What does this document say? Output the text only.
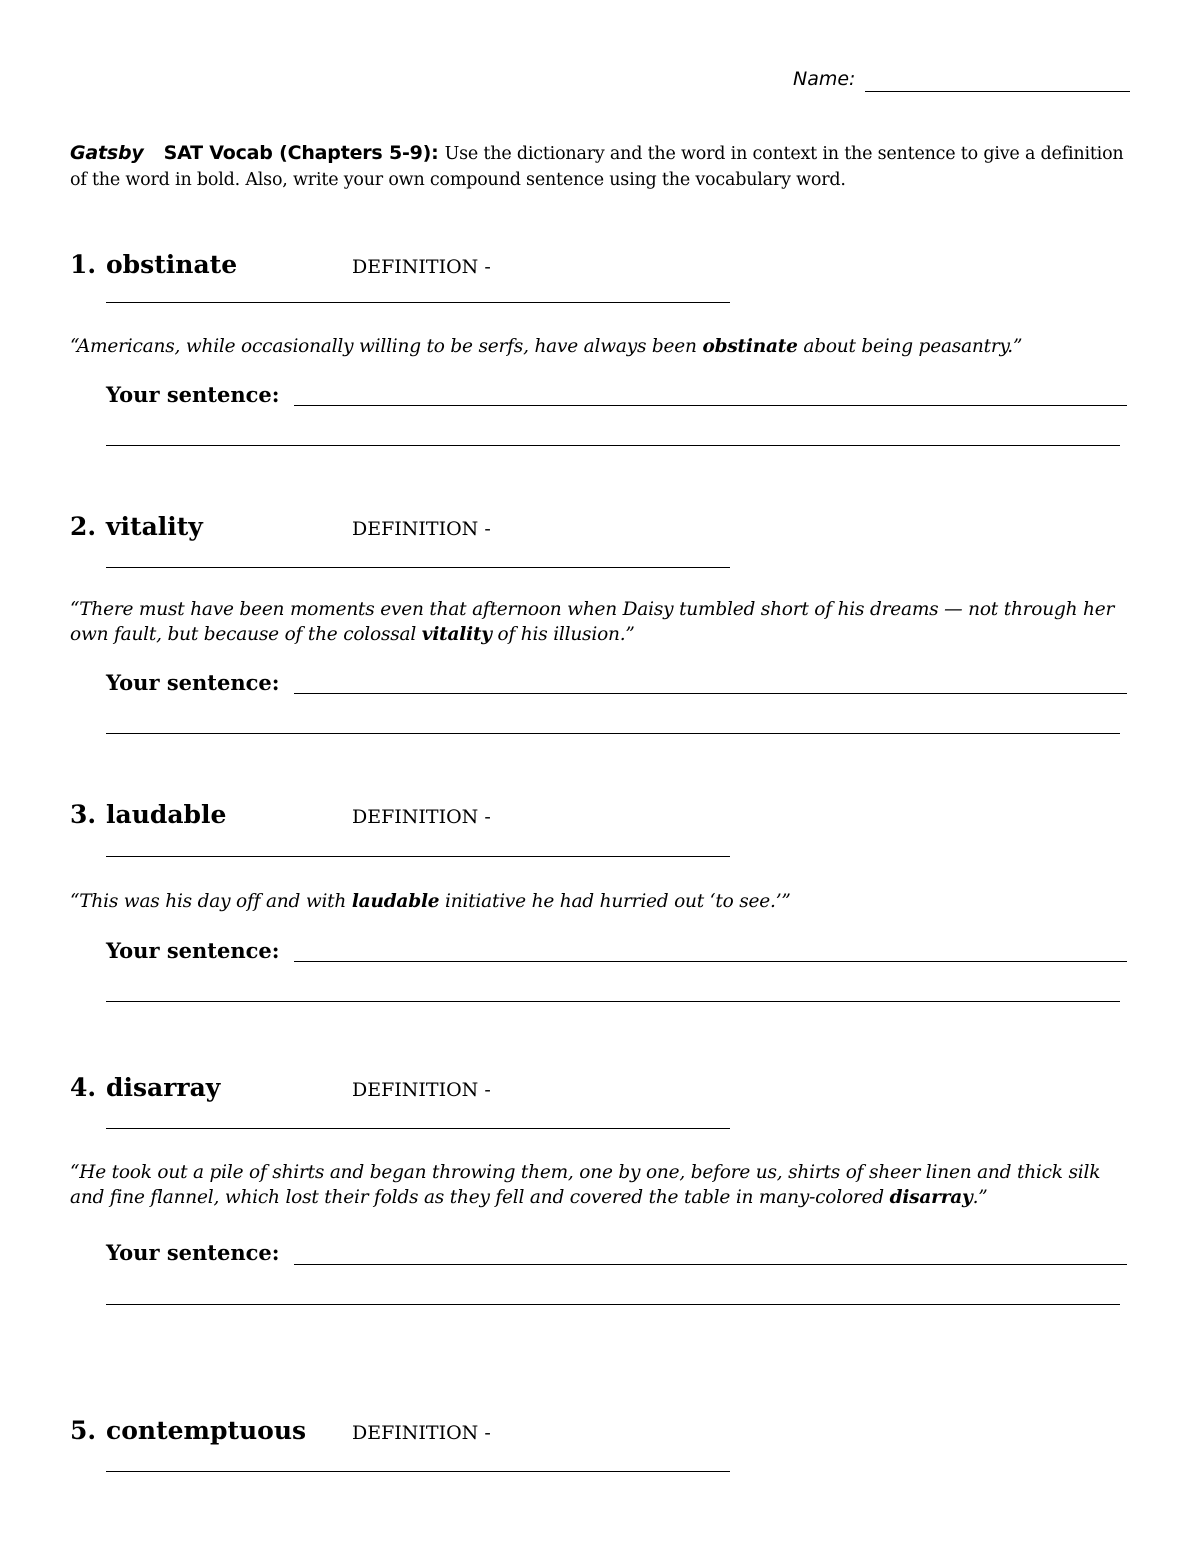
Name:
Gatsby SAT Vocab (Chapters 5-9): Use the dictionary and the word in context in the sentence to give a definition of the word in bold. Also, write your own compound sentence using the vocabulary word.
1. obstinate	DEFINITION -
“Americans, while occasionally willing to be serfs, have always been obstinate about being peasantry.”
Your sentence:
2. vitality	DEFINITION -
“There must have been moments even that afternoon when Daisy tumbled short of his dreams — not through her own fault, but because of the colossal vitality of his illusion.”
Your sentence:
3. laudable	DEFINITION -
“This was his day off and with laudable initiative he had hurried out ‘to see.’”
Your sentence:
4. disarray	DEFINITION -
“He took out a pile of shirts and began throwing them, one by one, before us, shirts of sheer linen and thick silk and fine flannel, which lost their folds as they fell and covered the table in many-colored disarray.”
Your sentence:
5. contemptuous DEFINITION -
